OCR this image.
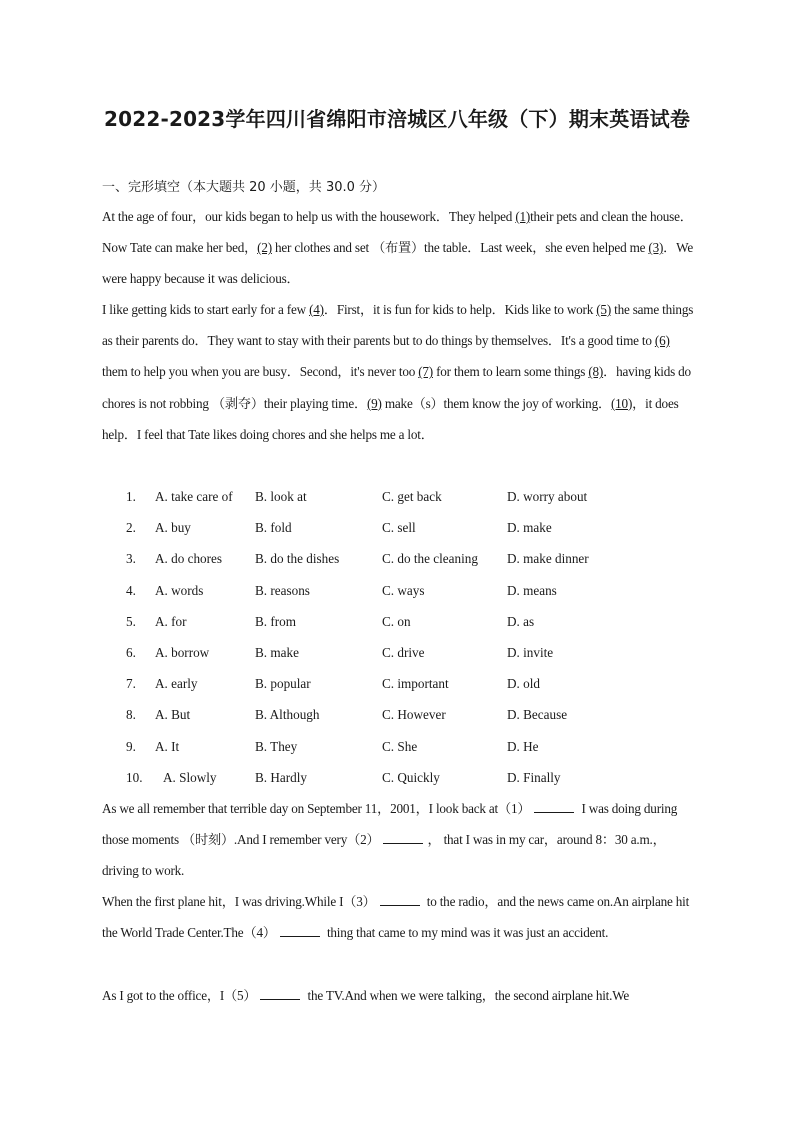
2022-2023学年四川省绵阳市涪城区八年级（下）期末英语试卷
一、完形填空（本大题共 20 小题，共 30.0 分）

At the age of four，our kids began to help us with the housework．They helped (1)their pets and clean the house．Now Tate can make her bed，(2) her clothes and set （布置）the table．Last week，she even helped me (3)．We were happy because it was delicious．

I like getting kids to start early for a few (4)．First，it is fun for kids to help．Kids like to work (5) the same things as their parents do．They want to stay with their parents but to do things by themselves．It's a good time to (6) them to help you when you are busy．Second，it's never too (7) for them to learn some things (8)．having kids do chores is not robbing （剥夺）their playing time．(9) make（s）them know the joy of working．(10)，it does help．I feel that Tate likes doing chores and she helps me a lot．

1. A. take care of B. look at	C. get back	D. worry about
2. A. buy	B. fold	C. sell	D. make
3. A. do chores B. do the dishes	C. do the cleaning D. make dinner
4. A. words	B. reasons	C. ways	D. means
5. A. for	B. from	C. on	D. as
6. A. borrow	B. make	C. drive	D. invite
7. A. early	B. popular	C. important	D. old
8. A. But	B. Although	C. However	D. Because
9. A. It	B. They	C. She	D. He
10. A. Slowly	B. Hardly	C. Quickly	D. Finally

As we all remember that terrible day on September 11，2001，I look back at（1）	I was doing during those moments （时刻）.And I remember very（2）	， that I was in my car，around 8：30 a.m.，driving to work.

When the first plane hit，I was driving.While I（3）	to the radio，and the news came on.An airplane hit the World Trade Center.The（4）	thing that came to my mind was it was just an accident.

As I got to the office，I（5）	the TV.And when we were talking，the second airplane hit.We
